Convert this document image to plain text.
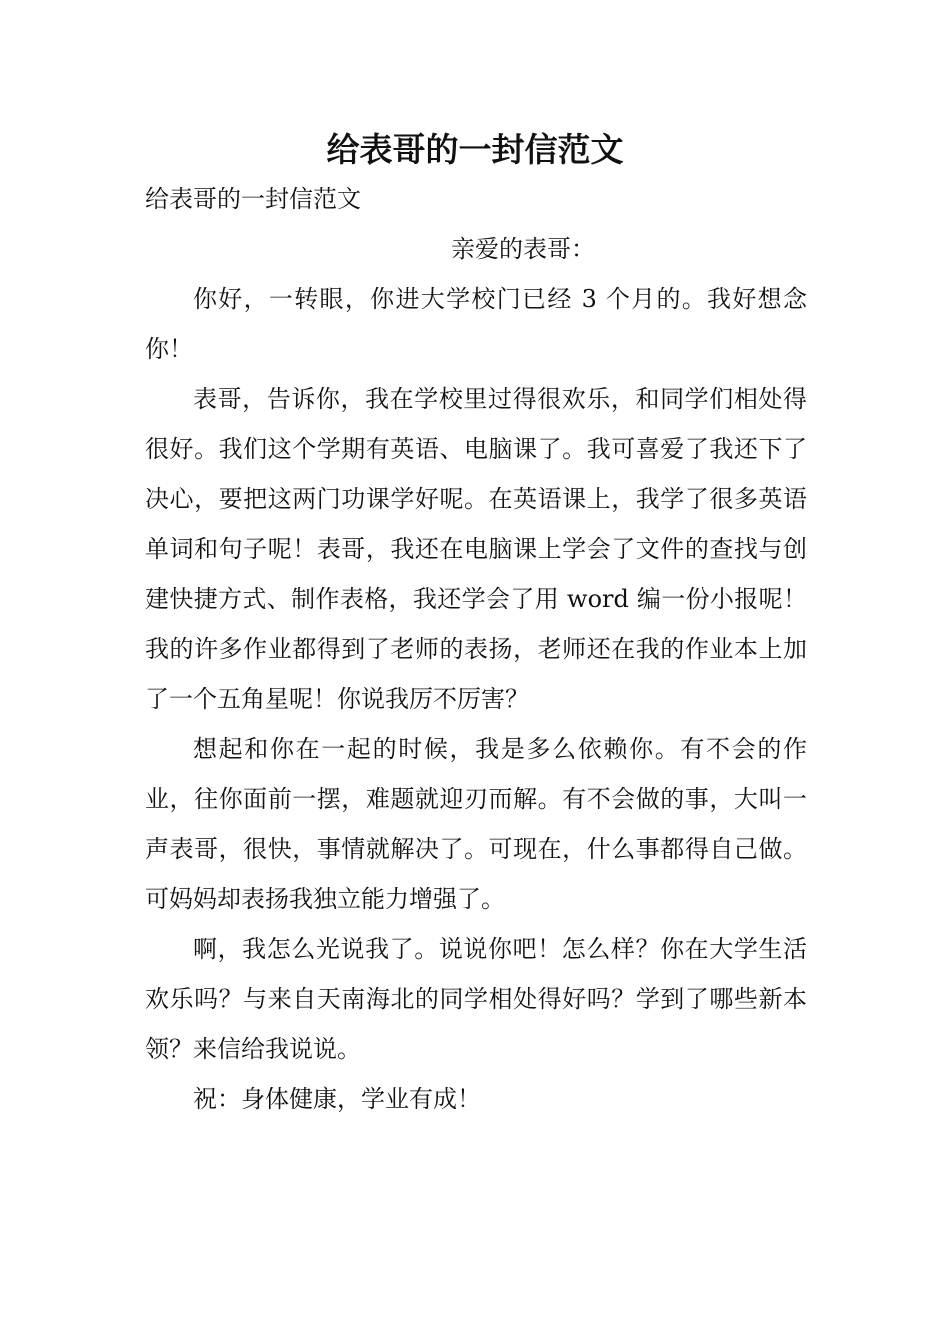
给表哥的一封信范文

给表哥的一封信范文

亲爱的表哥：

你好，一转眼，你进大学校门已经 3 个月的。我好想念你！

表哥，告诉你，我在学校里过得很欢乐，和同学们相处得很好。我们这个学期有英语、电脑课了。我可喜爱了我还下了决心，要把这两门功课学好呢。在英语课上，我学了很多英语单词和句子呢！表哥，我还在电脑课上学会了文件的查找与创建快捷方式、制作表格，我还学会了用 word 编一份小报呢！我的许多作业都得到了老师的表扬，老师还在我的作业本上加了一个五角星呢！你说我厉不厉害？

想起和你在一起的时候，我是多么依赖你。有不会的作业，往你面前一摆，难题就迎刃而解。有不会做的事，大叫一声表哥，很快，事情就解决了。可现在，什么事都得自己做。可妈妈却表扬我独立能力增强了。

啊，我怎么光说我了。说说你吧！怎么样？你在大学生活欢乐吗？与来自天南海北的同学相处得好吗？学到了哪些新本领？来信给我说说。

祝：身体健康，学业有成！
